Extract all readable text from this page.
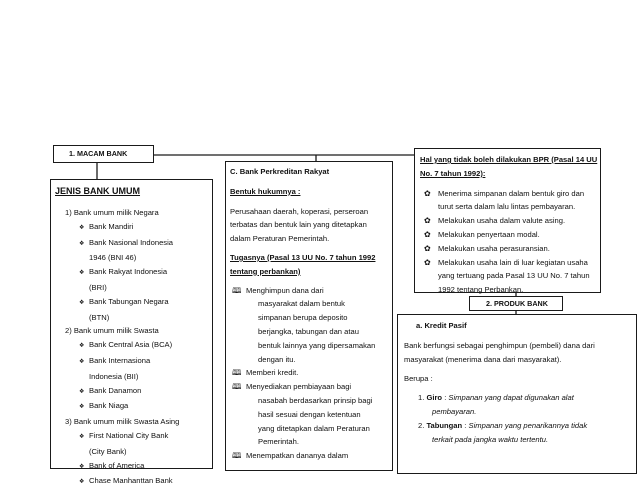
1. MACAM BANK
JENIS BANK UMUM
1) Bank umum milik Negara
❖ Bank Mandiri
❖ Bank Nasional Indonesia
1946 (BNI 46)
❖ Bank Rakyat Indonesia
(BRI)
❖ Bank Tabungan Negara
(BTN)
2) Bank umum milik Swasta
❖ Bank Central Asia (BCA)
❖ Bank Internasiona
Indonesia (BII)
❖ Bank Danamon
❖ Bank Niaga
3) Bank umum milik Swasta Asing
❖ First National City Bank
(City Bank)
❖ Bank of America
❖ Chase Manhanttan Bank
C. Bank Perkreditan Rakyat
Bentuk hukumnya :
Perusahaan daerah, koperasi, perseroan
terbatas dan bentuk lain yang ditetapkan
dalam Peraturan Pemerintah.
Tugasnya (Pasal 13 UU No. 7 tahun 1992
tentang perbankan)
🕮 Menghimpun dana dari
masyarakat dalam bentuk
simpanan berupa deposito
berjangka, tabungan dan atau
bentuk lainnya yang dipersamakan
dengan itu.
🕮 Memberi kredit.
🕮 Menyediakan pembiayaan bagi
nasabah berdasarkan prinsip bagi
hasil sesuai dengan ketentuan
yang ditetapkan dalam Peraturan
Pemerintah.
🕮 Menempatkan dananya dalam
Hal yang tidak boleh dilakukan BPR (Pasal 14 UU
No. 7 tahun 1992):
✿ Menerima simpanan dalam bentuk giro dan
turut serta dalam lalu lintas pembayaran.
✿ Melakukan usaha dalam valute asing.
✿ Melakukan penyertaan modal.
✿ Melakukan usaha perasuransian.
✿ Melakukan usaha lain di luar kegiatan usaha
yang tertuang pada Pasal 13 UU No. 7 tahun
1992 tentang Perbankan.
2. PRODUK BANK
a. Kredit Pasif
Bank berfungsi sebagai penghimpun (pembeli) dana dari
masyarakat (menerima dana dari masyarakat).
Berupa :
1. Giro : Simpanan yang dapat digunakan alat
pembayaran.
2. Tabungan : Simpanan yang penarikannya tidak
terkait pada jangka waktu tertentu.
